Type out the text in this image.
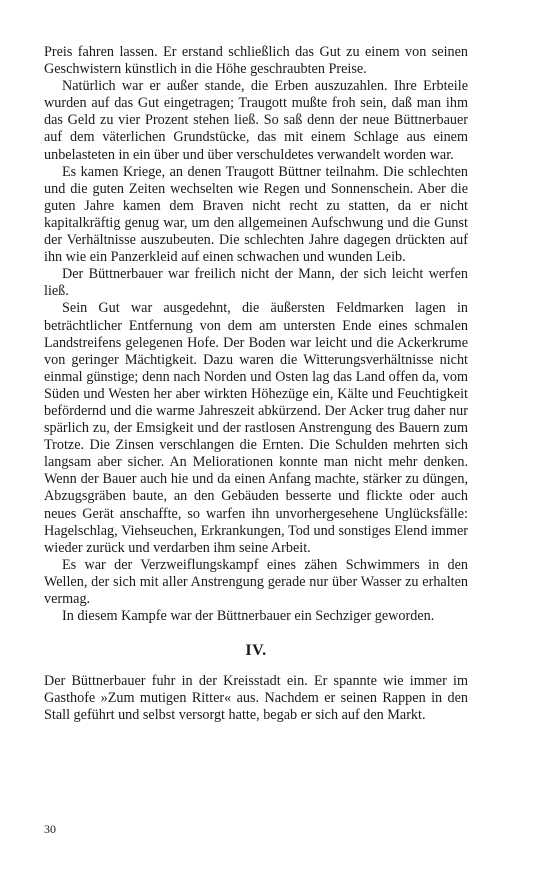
Preis fahren lassen. Er erstand schließlich das Gut zu einem von seinen Geschwistern künstlich in die Höhe geschraubten Preise.

Natürlich war er außer stande, die Erben auszuzahlen. Ihre Erbteile wurden auf das Gut eingetragen; Traugott mußte froh sein, daß man ihm das Geld zu vier Prozent stehen ließ. So saß denn der neue Büttnerbauer auf dem väterlichen Grundstücke, das mit einem Schlage aus einem unbelasteten in ein über und über verschuldetes verwandelt worden war.

Es kamen Kriege, an denen Traugott Büttner teilnahm. Die schlechten und die guten Zeiten wechselten wie Regen und Sonnenschein. Aber die guten Jahre kamen dem Braven nicht recht zu statten, da er nicht kapitalkräftig genug war, um den allgemeinen Aufschwung und die Gunst der Verhältnisse auszubeuten. Die schlechten Jahre dagegen drückten auf ihn wie ein Panzerkleid auf einen schwachen und wunden Leib.

Der Büttnerbauer war freilich nicht der Mann, der sich leicht werfen ließ.

Sein Gut war ausgedehnt, die äußersten Feldmarken lagen in beträchtlicher Entfernung von dem am untersten Ende eines schmalen Landstreifens gelegenen Hofe. Der Boden war leicht und die Ackerkrume von geringer Mächtigkeit. Dazu waren die Witterungsverhältnisse nicht einmal günstige; denn nach Norden und Osten lag das Land offen da, vom Süden und Westen her aber wirkten Höhezüge ein, Kälte und Feuchtigkeit befördernd und die warme Jahreszeit abkürzend. Der Acker trug daher nur spärlich zu, der Emsigkeit und der rastlosen Anstrengung des Bauern zum Trotze. Die Zinsen verschlangen die Ernten. Die Schulden mehrten sich langsam aber sicher. An Meliorationen konnte man nicht mehr denken. Wenn der Bauer auch hie und da einen Anfang machte, stärker zu düngen, Abzugsgräben baute, an den Gebäuden besserte und flickte oder auch neues Gerät anschaffte, so warfen ihn unvorhergesehene Unglücksfälle: Hagelschlag, Viehseuchen, Erkrankungen, Tod und sonstiges Elend immer wieder zurück und verdarben ihm seine Arbeit.

Es war der Verzweiflungskampf eines zähen Schwimmers in den Wellen, der sich mit aller Anstrengung gerade nur über Wasser zu erhalten vermag.

In diesem Kampfe war der Büttnerbauer ein Sechziger geworden.

IV.

Der Büttnerbauer fuhr in der Kreisstadt ein. Er spannte wie immer im Gasthofe »Zum mutigen Ritter« aus. Nachdem er seinen Rappen in den Stall geführt und selbst versorgt hatte, begab er sich auf den Markt.

30
